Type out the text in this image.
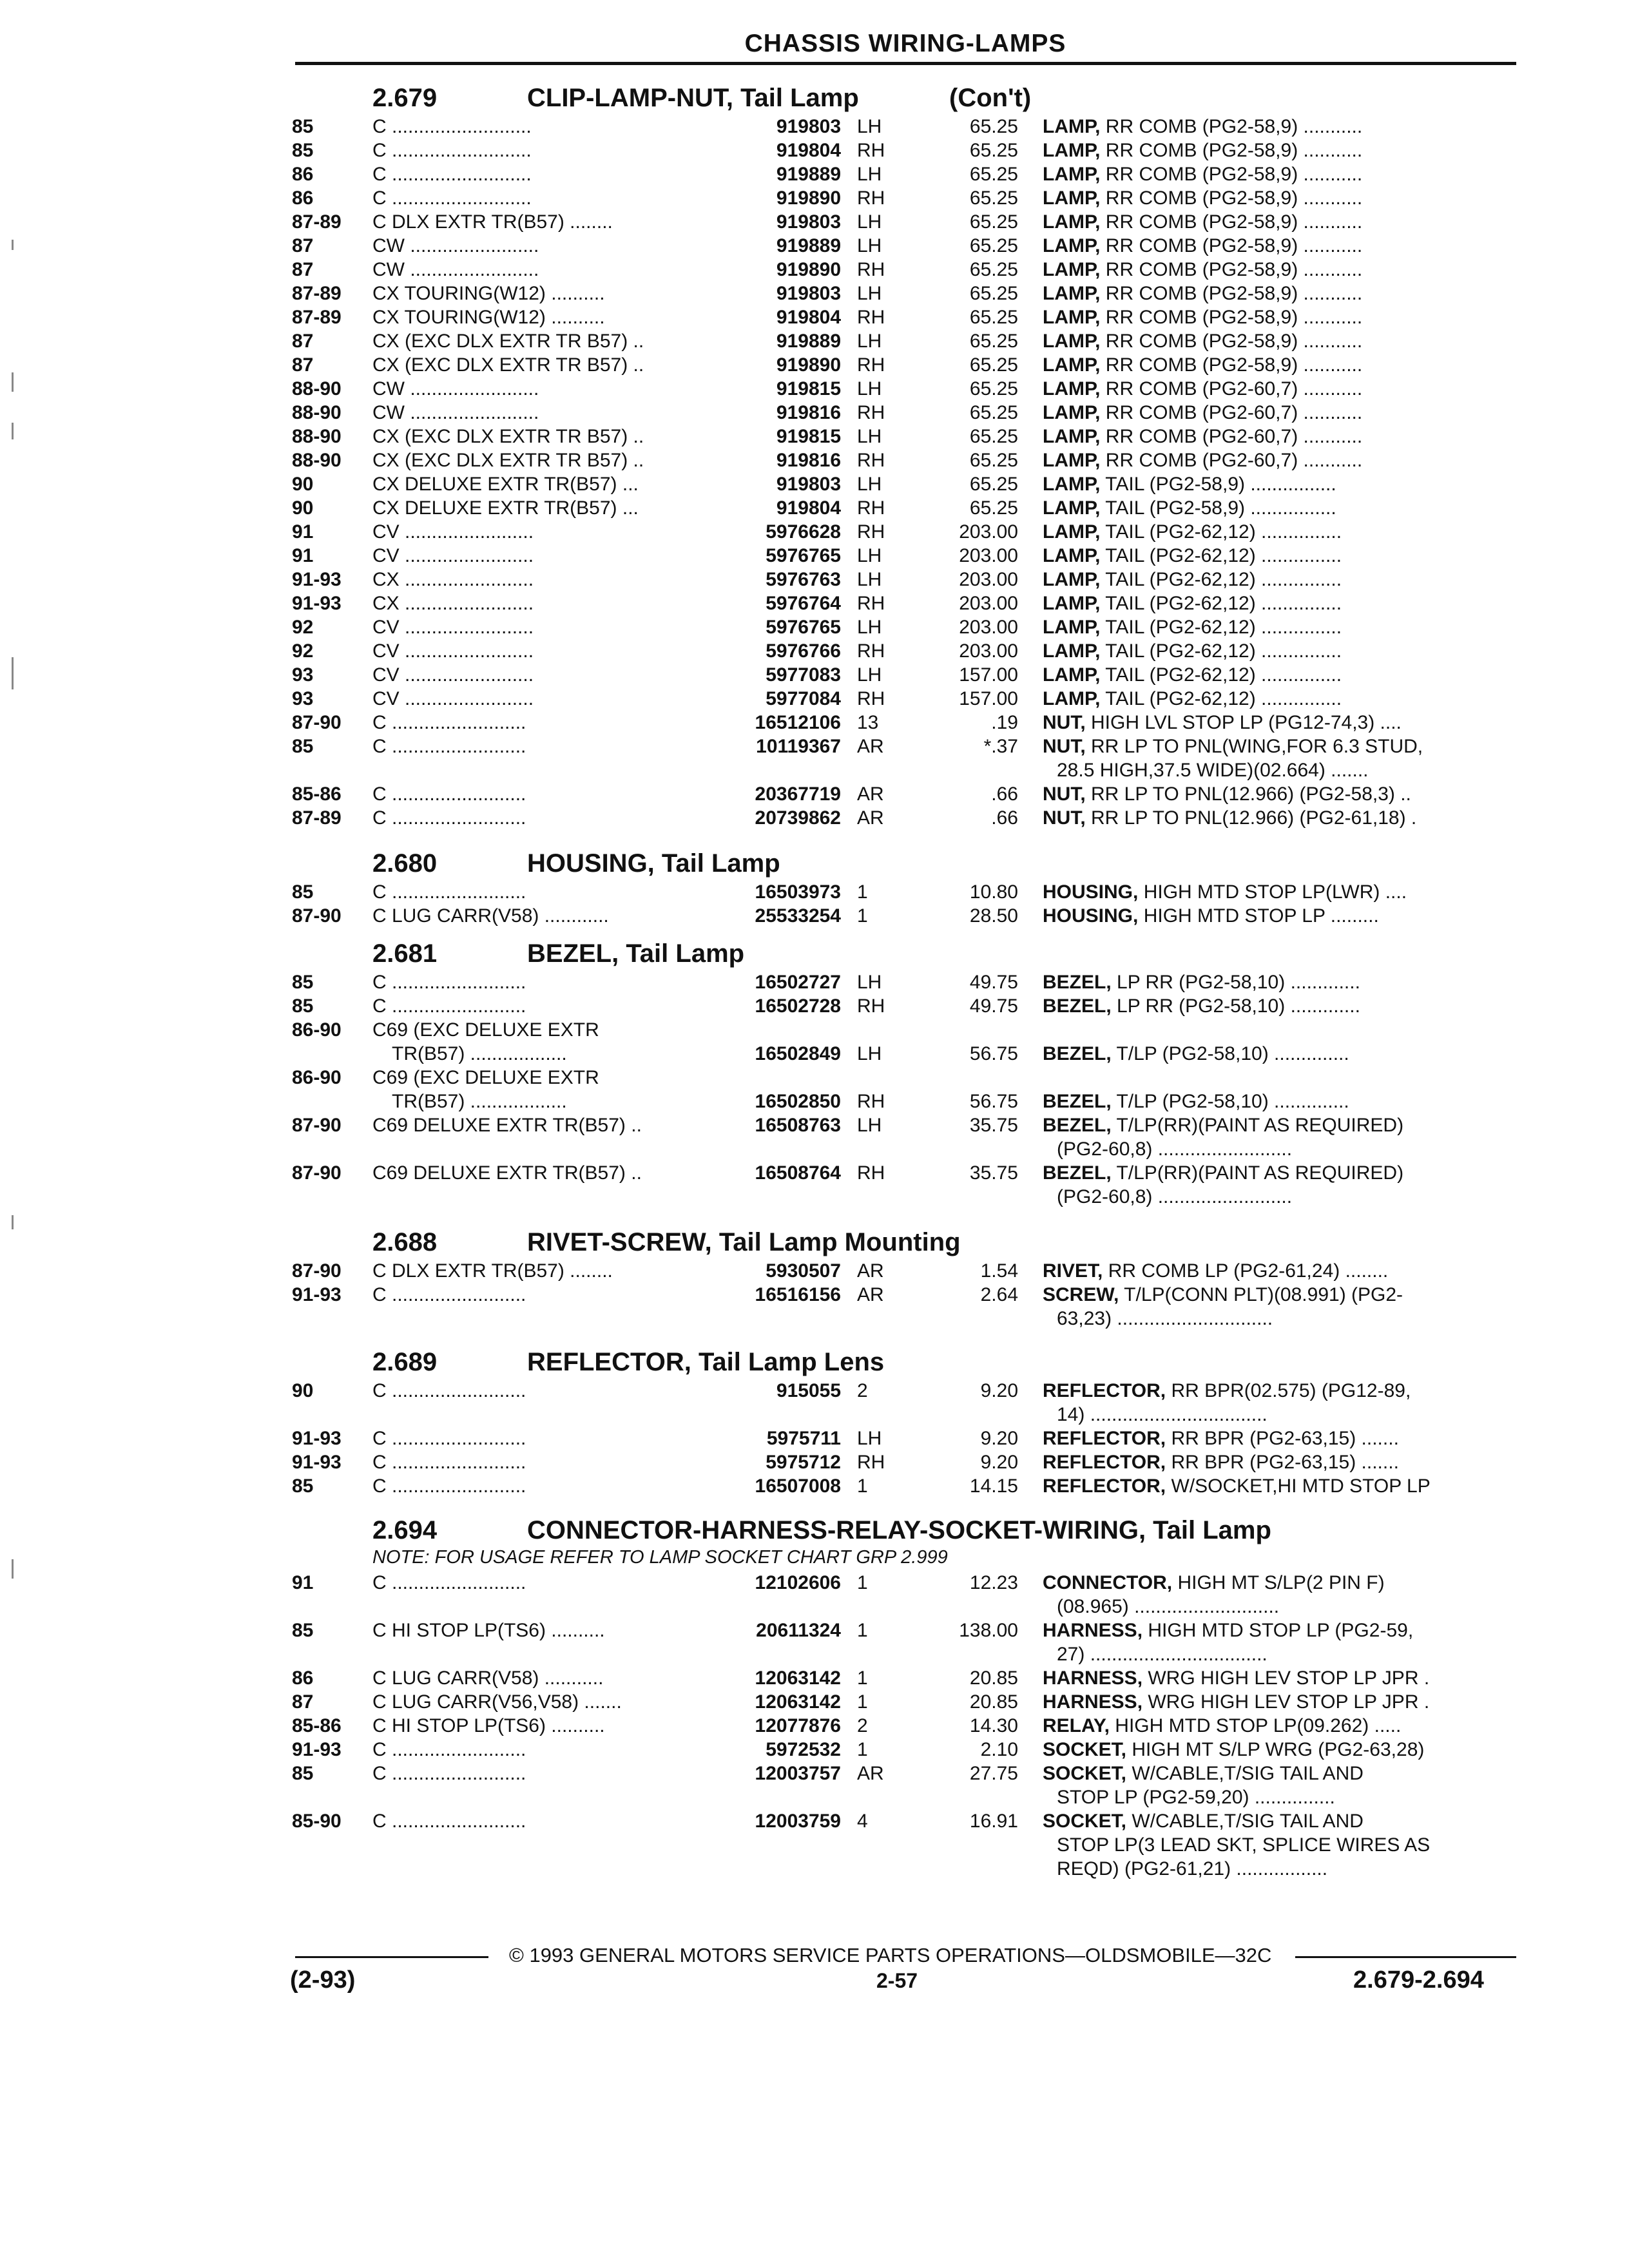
CHASSIS WIRING-LAMPS
2.679	CLIP-LAMP-NUT, Tail Lamp	(Con't)
85	C ..........................	919803 LH	65.25 LAMP, RR COMB (PG2-58,9) ...........
85	C ..........................	919804 RH	65.25 LAMP, RR COMB (PG2-58,9) ...........
86	C ..........................	919889 LH	65.25 LAMP, RR COMB (PG2-58,9) ...........
86	C ..........................	919890 RH	65.25 LAMP, RR COMB (PG2-58,9) ...........
87-89 C DLX EXTR TR(B57) ........	919803 LH	65.25 LAMP, RR COMB (PG2-58,9) ...........
87	CW ........................	919889 LH	65.25 LAMP, RR COMB (PG2-58,9) ...........
87	CW ........................	919890 RH	65.25 LAMP, RR COMB (PG2-58,9) ...........
87-89 CX TOURING(W12) ..........	919803 LH	65.25 LAMP, RR COMB (PG2-58,9) ...........
87-89 CX TOURING(W12) ..........	919804 RH	65.25 LAMP, RR COMB (PG2-58,9) ...........
87	CX (EXC DLX EXTR TR B57) ..	919889 LH	65.25 LAMP, RR COMB (PG2-58,9) ...........
87	CX (EXC DLX EXTR TR B57) ..	919890 RH	65.25 LAMP, RR COMB (PG2-58,9) ...........
88-90 CW ........................	919815 LH	65.25 LAMP, RR COMB (PG2-60,7) ...........
88-90 CW ........................	919816 RH	65.25 LAMP, RR COMB (PG2-60,7) ...........
88-90 CX (EXC DLX EXTR TR B57) ..	919815 LH	65.25 LAMP, RR COMB (PG2-60,7) ...........
88-90 CX (EXC DLX EXTR TR B57) ..	919816 RH	65.25 LAMP, RR COMB (PG2-60,7) ...........
90	CX DELUXE EXTR TR(B57) ...	919803 LH	65.25 LAMP, TAIL (PG2-58,9) ................
90	CX DELUXE EXTR TR(B57) ...	919804 RH	65.25 LAMP, TAIL (PG2-58,9) ................
91	CV ........................	5976628 RH	203.00 LAMP, TAIL (PG2-62,12) ...............
91	CV ........................	5976765 LH	203.00 LAMP, TAIL (PG2-62,12) ...............
91-93 CX ........................	5976763 LH	203.00 LAMP, TAIL (PG2-62,12) ...............
91-93 CX ........................	5976764 RH	203.00 LAMP, TAIL (PG2-62,12) ...............
92	CV ........................	5976765 LH	203.00 LAMP, TAIL (PG2-62,12) ...............
92	CV ........................	5976766 RH	203.00 LAMP, TAIL (PG2-62,12) ...............
93	CV ........................	5977083 LH	157.00 LAMP, TAIL (PG2-62,12) ...............
93	CV ........................	5977084 RH	157.00 LAMP, TAIL (PG2-62,12) ...............
87-90 C .........................	16512106 13	.19 NUT, HIGH LVL STOP LP (PG12-74,3) ....
85	C .........................	10119367 AR	*.37 NUT, RR LP TO PNL(WING,FOR 6.3 STUD,
28.5 HIGH,37.5 WIDE)(02.664) .......
85-86 C .........................	20367719 AR	.66 NUT, RR LP TO PNL(12.966) (PG2-58,3) ..
87-89 C .........................	20739862 AR	.66 NUT, RR LP TO PNL(12.966) (PG2-61,18) .
2.680	HOUSING, Tail Lamp
85	C .........................	16503973 1	10.80 HOUSING, HIGH MTD STOP LP(LWR) ....
87-90 C LUG CARR(V58) ............	25533254 1	28.50 HOUSING, HIGH MTD STOP LP .........
2.681	BEZEL, Tail Lamp
85	C .........................	16502727 LH	49.75 BEZEL, LP RR (PG2-58,10) .............
85	C .........................	16502728 RH	49.75 BEZEL, LP RR (PG2-58,10) .............
86-90 C69 (EXC DELUXE EXTR
TR(B57) ..................	16502849 LH	56.75 BEZEL, T/LP (PG2-58,10) ..............
86-90 C69 (EXC DELUXE EXTR
TR(B57) ..................	16502850 RH	56.75 BEZEL, T/LP (PG2-58,10) ..............
87-90 C69 DELUXE EXTR TR(B57) ..	16508763 LH	35.75 BEZEL, T/LP(RR)(PAINT AS REQUIRED)
(PG2-60,8) .........................
87-90 C69 DELUXE EXTR TR(B57) ..	16508764 RH	35.75 BEZEL, T/LP(RR)(PAINT AS REQUIRED)
(PG2-60,8) .........................
2.688	RIVET-SCREW, Tail Lamp Mounting
87-90 C DLX EXTR TR(B57) ........	5930507 AR	1.54 RIVET, RR COMB LP (PG2-61,24) ........
91-93 C .........................	16516156 AR	2.64 SCREW, T/LP(CONN PLT)(08.991) (PG2-
63,23) .............................
2.689	REFLECTOR, Tail Lamp Lens
90	C .........................	915055 2	9.20 REFLECTOR, RR BPR(02.575) (PG12-89,
14) .................................
91-93 C .........................	5975711 LH	9.20 REFLECTOR, RR BPR (PG2-63,15) .......
91-93 C .........................	5975712 RH	9.20 REFLECTOR, RR BPR (PG2-63,15) .......
85	C .........................	16507008 1	14.15 REFLECTOR, W/SOCKET,HI MTD STOP LP
2.694	CONNECTOR-HARNESS-RELAY-SOCKET-WIRING, Tail Lamp
NOTE: FOR USAGE REFER TO LAMP SOCKET CHART GRP 2.999
91	C .........................	12102606 1	12.23 CONNECTOR, HIGH MT S/LP(2 PIN F)
(08.965) ...........................
85	C HI STOP LP(TS6) ..........	20611324 1	138.00 HARNESS, HIGH MTD STOP LP (PG2-59,
27) .................................
86	C LUG CARR(V58) ...........	12063142 1	20.85 HARNESS, WRG HIGH LEV STOP LP JPR .
87	C LUG CARR(V56,V58) .......	12063142 1	20.85 HARNESS, WRG HIGH LEV STOP LP JPR .
85-86 C HI STOP LP(TS6) ..........	12077876 2	14.30 RELAY, HIGH MTD STOP LP(09.262) .....
91-93 C .........................	5972532 1	2.10 SOCKET, HIGH MT S/LP WRG (PG2-63,28)
85	C .........................	12003757 AR	27.75 SOCKET, W/CABLE,T/SIG TAIL AND
STOP LP (PG2-59,20) ...............
85-90 C .........................	12003759 4	16.91 SOCKET, W/CABLE,T/SIG TAIL AND
STOP LP(3 LEAD SKT, SPLICE WIRES AS
REQD) (PG2-61,21) .................
© 1993 GENERAL MOTORS SERVICE PARTS OPERATIONS—OLDSMOBILE—32C
(2-93)	2-57	2.679-2.694
